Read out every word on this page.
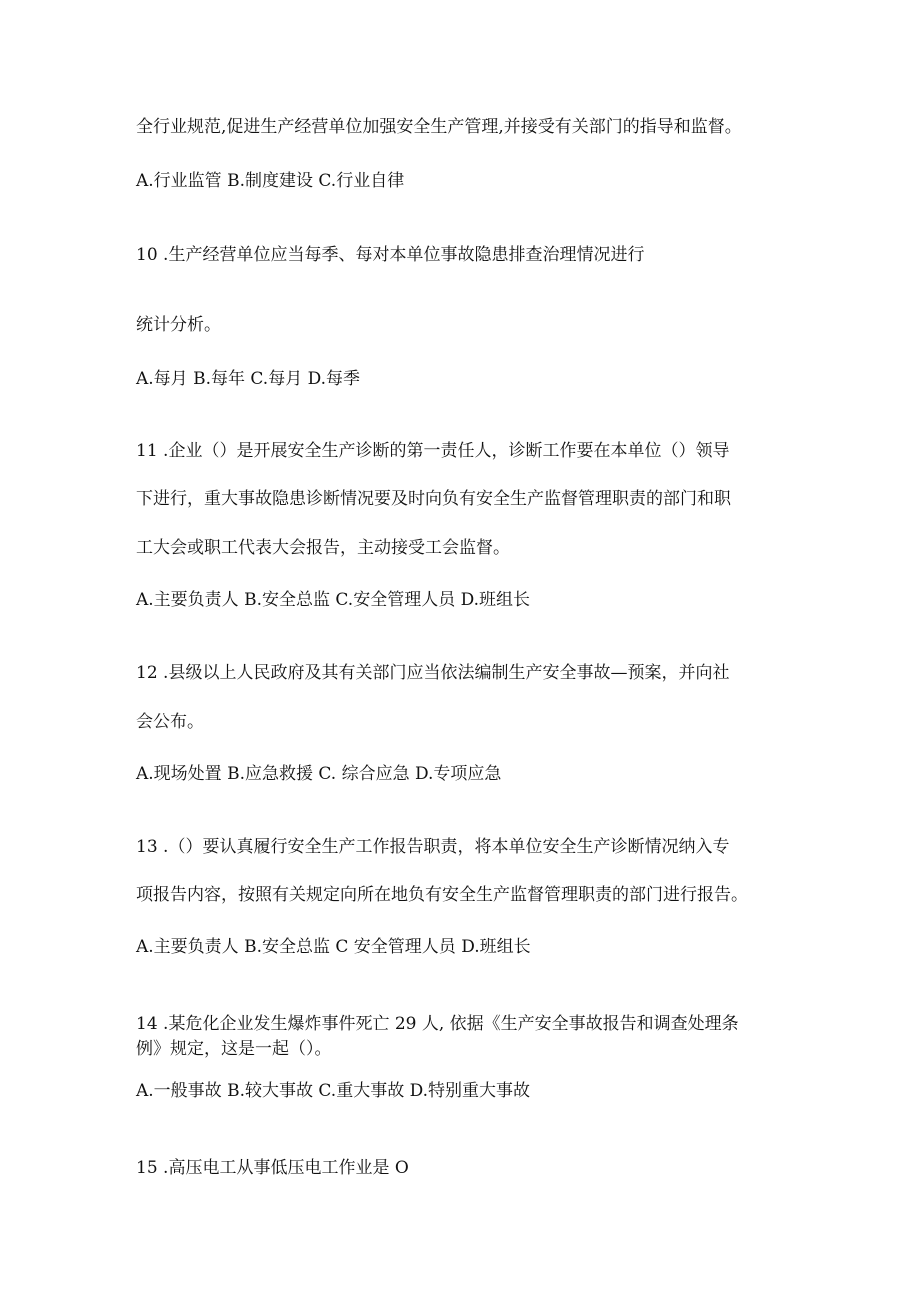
全行业规范,促进生产经营单位加强安全生产管理,并接受有关部门的指导和监督。

A.行业监管 B.制度建设 C.行业自律

10 .生产经营单位应当每季、每对本单位事故隐患排查治理情况进行

统计分析。

A.每月 B.每年 C.每月 D.每季

11 .企业（）是开展安全生产诊断的第一责任人，诊断工作要在本单位（）领导

下进行，重大事故隐患诊断情况要及时向负有安全生产监督管理职责的部门和职

工大会或职工代表大会报告，主动接受工会监督。

A.主要负责人 B.安全总监 C.安全管理人员 D.班组长

12 .县级以上人民政府及其有关部门应当依法编制生产安全事故—预案，并向社

会公布。

A.现场处置 B.应急救援 C. 综合应急 D.专项应急

13 .（）要认真履行安全生产工作报告职责，将本单位安全生产诊断情况纳入专

项报告内容，按照有关规定向所在地负有安全生产监督管理职责的部门进行报告。

A.主要负责人 B.安全总监 C 安全管理人员 D.班组长

14 .某危化企业发生爆炸事件死亡 29 人, 依据《生产安全事故报告和调查处理条

例》规定，这是一起（）。

A.一般事故 B.较大事故 C.重大事故 D.特别重大事故

15 .高压电工从事低压电工作业是 O
